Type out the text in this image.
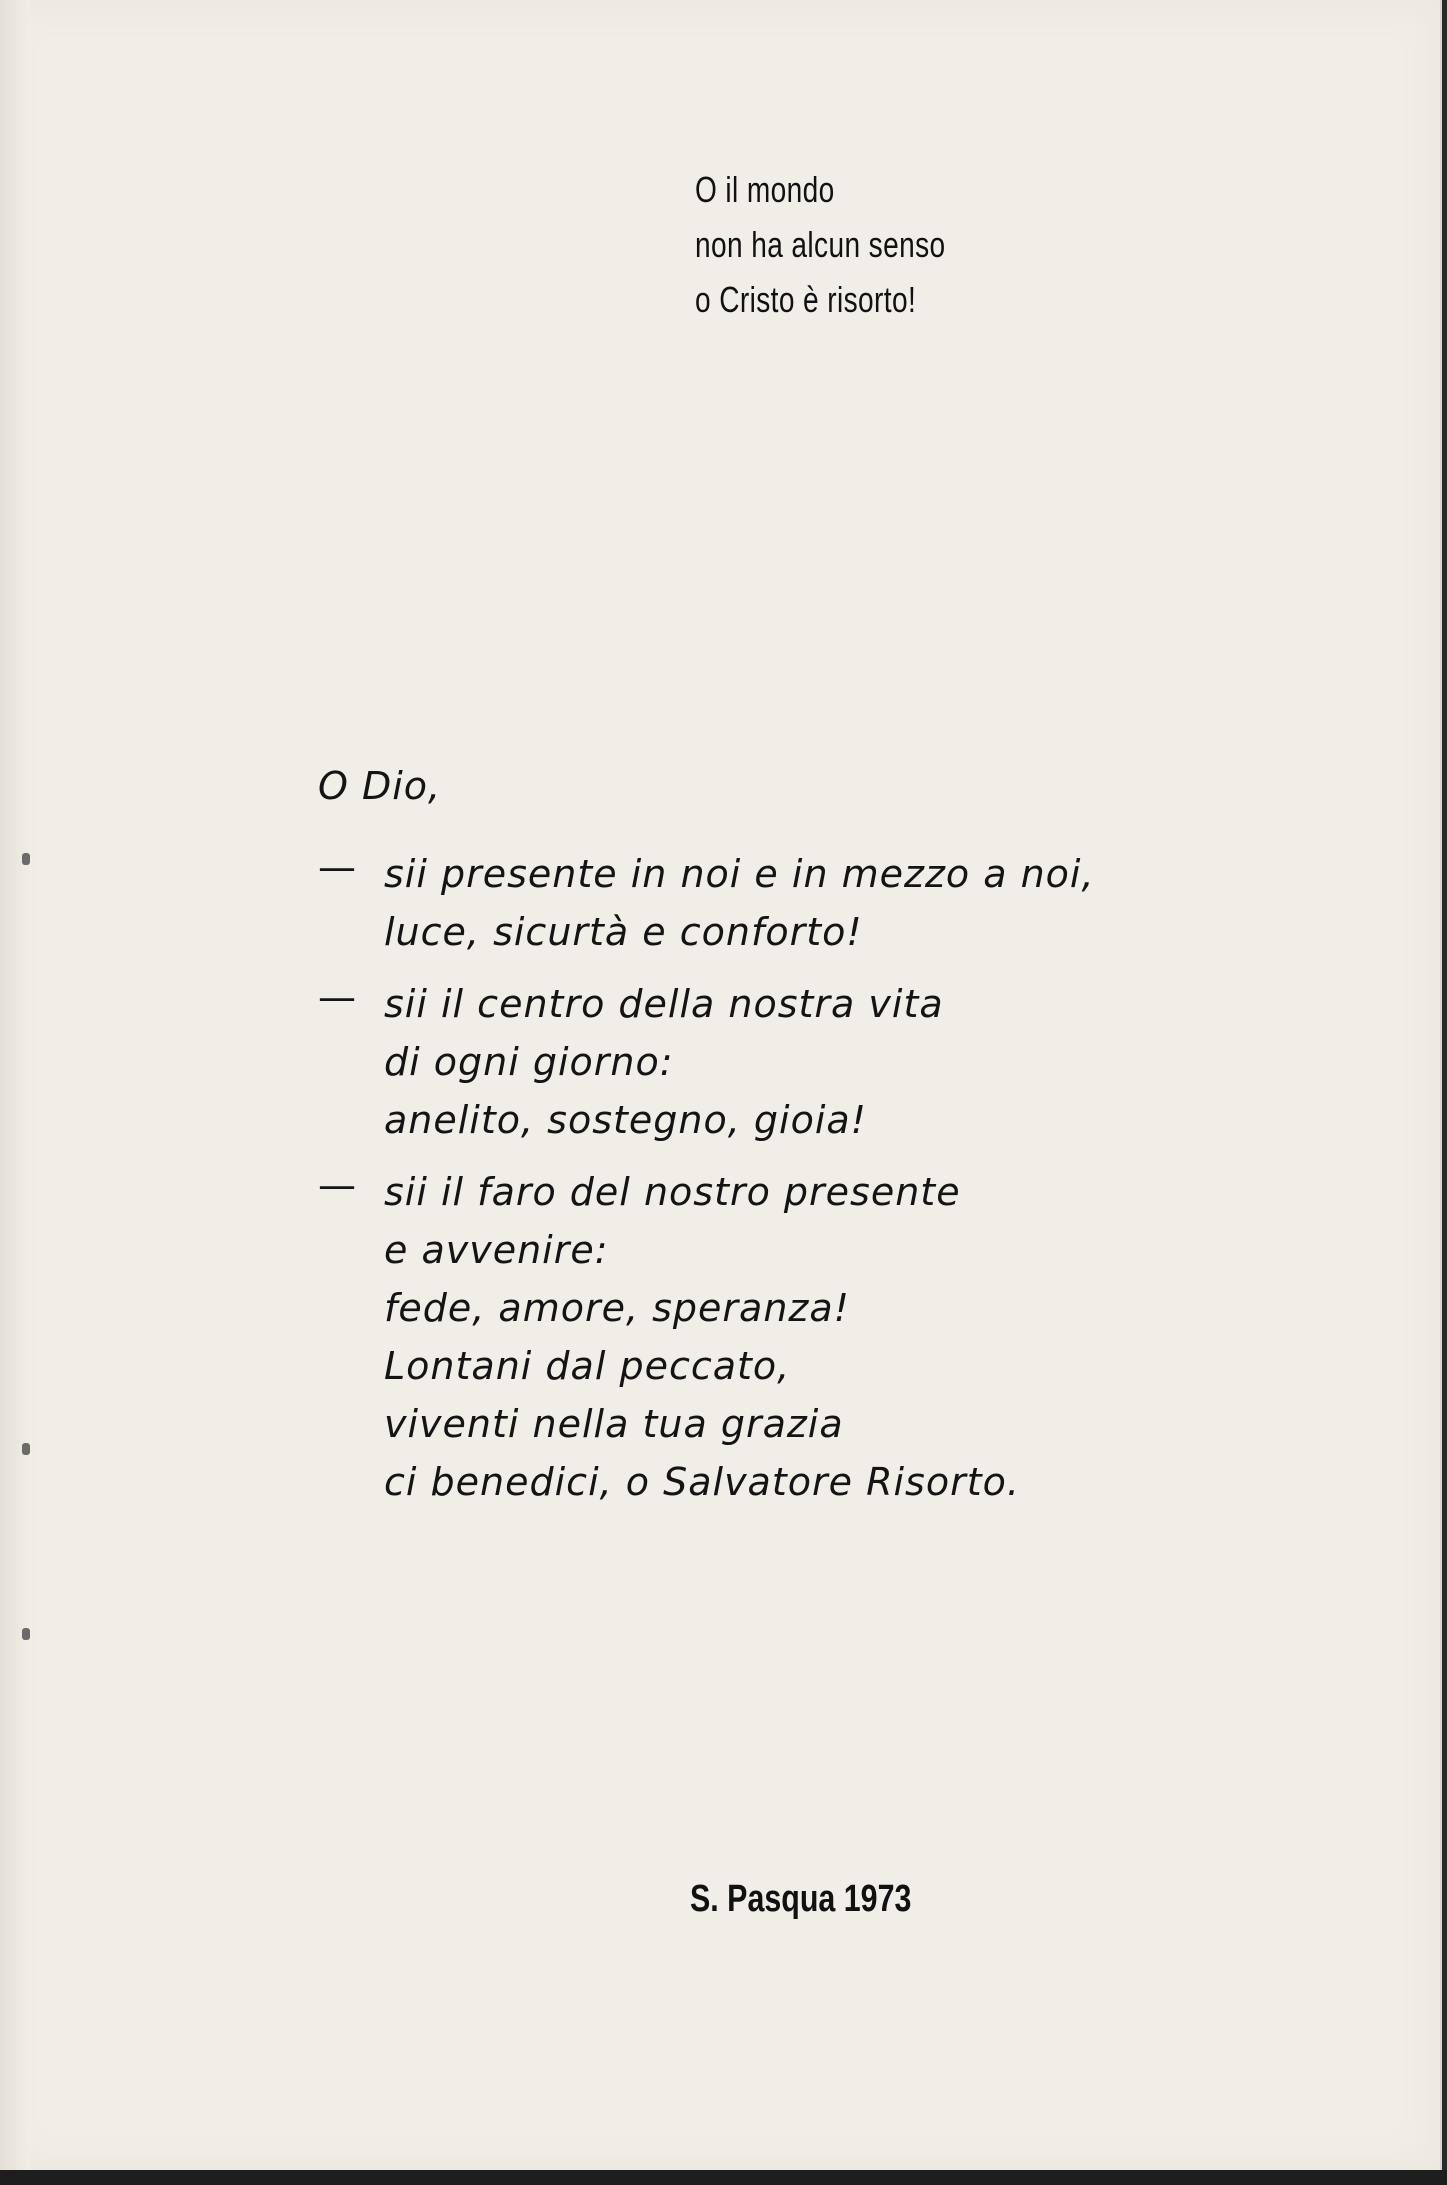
O il mondo
non ha alcun senso
o Cristo è risorto!
O Dio,
— sii presente in noi e in mezzo a noi,
luce, sicurtà e conforto!
— sii il centro della nostra vita
di ogni giorno:
anelito, sostegno, gioia!
— sii il faro del nostro presente
e avvenire:
fede, amore, speranza!
Lontani dal peccato,
viventi nella tua grazia
ci benedici, o Salvatore Risorto.
S. Pasqua 1973
